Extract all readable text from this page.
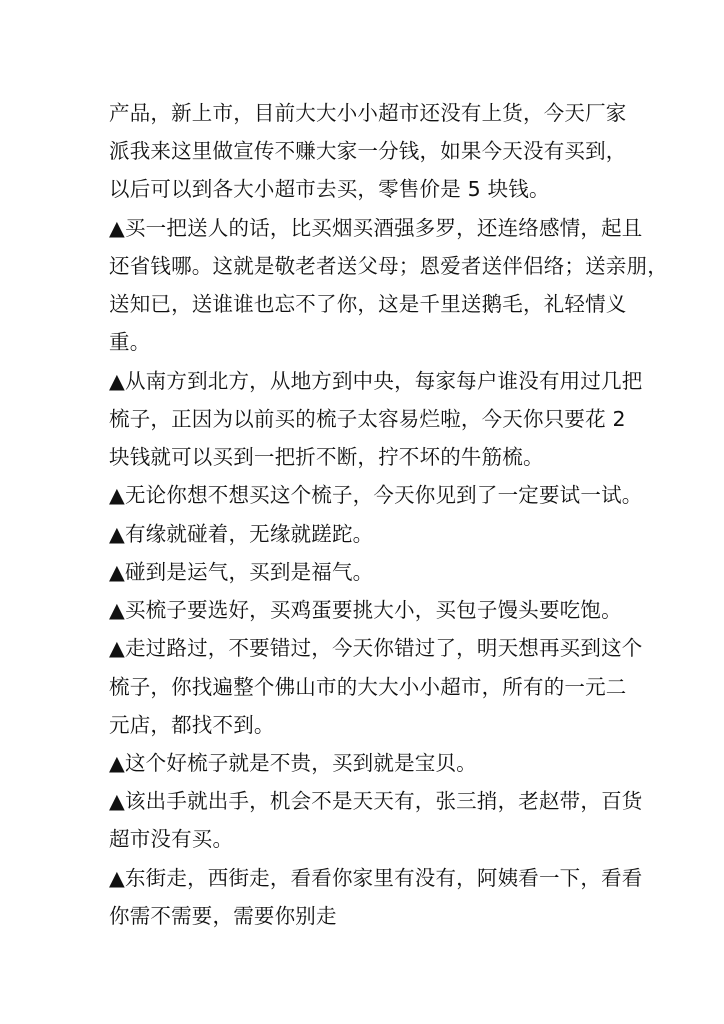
产品，新上市，目前大大小小超市还没有上货，今天厂家
派我来这里做宣传不赚大家一分钱，如果今天没有买到，
以后可以到各大小超市去买，零售价是 5 块钱。
▲买一把送人的话，比买烟买酒强多罗，还连络感情，起且
还省钱哪。这就是敬老者送父母；恩爱者送伴侣络；送亲朋，
送知已，送谁谁也忘不了你，这是千里送鹅毛，礼轻情义
重。
▲从南方到北方，从地方到中央，每家每户谁没有用过几把
梳子，正因为以前买的梳子太容易烂啦，今天你只要花 2
块钱就可以买到一把折不断，拧不坏的牛筋梳。
▲无论你想不想买这个梳子，今天你见到了一定要试一试。
▲有缘就碰着，无缘就蹉跎。
▲碰到是运气，买到是福气。
▲买梳子要选好，买鸡蛋要挑大小，买包子馒头要吃饱。
▲走过路过，不要错过，今天你错过了，明天想再买到这个
梳子，你找遍整个佛山市的大大小小超市，所有的一元二
元店，都找不到。
▲这个好梳子就是不贵，买到就是宝贝。
▲该出手就出手，机会不是天天有，张三捎，老赵带，百货
超市没有买。
▲东街走，西街走，看看你家里有没有，阿姨看一下，看看
你需不需要，需要你别走
